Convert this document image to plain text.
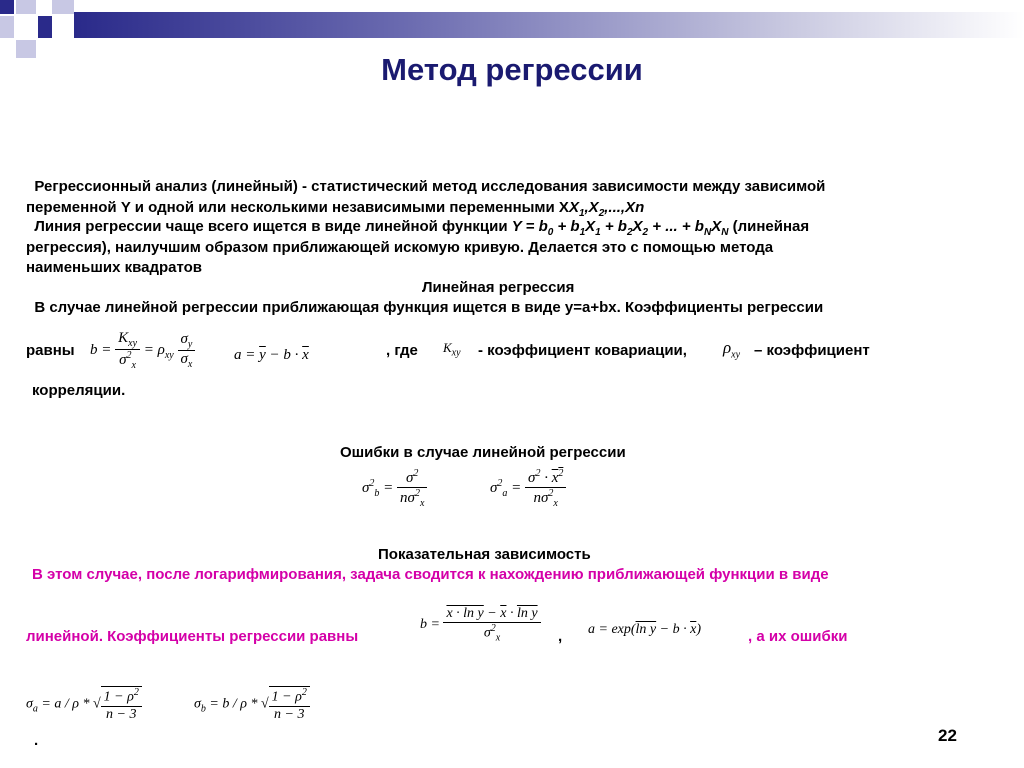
Метод регрессии
Регрессионный анализ (линейный) - статистический метод исследования зависимости между зависимой
переменной Y и одной или несколькими независимыми переменными $XX_1,X_2,...,Xn$
Линия регрессии чаще всего ищется в виде линейной функции $Y = b_0 + b_1X_1 + b_2X_2$ + ... + $b_NX_N$ (линейная
регрессия), наилучшим образом приближающей искомую кривую. Делается это с помощью метода
наименьших квадратов
Линейная регрессия
В случае линейной регрессии приближающая функция ищется в виде y=a+bx. Коэффициенты регрессии
равны $b = \frac{K_{xy}}{\sigma^2_x} = \rho_{xy} \frac{\sigma_y}{\sigma_x}$	$a = \overline{y} - b \cdot \overline{x}$	, где $K_{xy}$ - коэффициент ковариации, $\rho_{xy}$ – коэффициент
корреляции.
Ошибки в случае линейной регрессии
$\sigma^2_b = \frac{\sigma^2}{n\sigma^2_x}$	$\sigma^2_a = \frac{\sigma^2 \cdot x^2}{n\sigma^2_x}$
Показательная зависимость
В этом случае, после логарифмирования, задача сводится к нахождению приближающей функции в виде
линейной. Коэффициенты регрессии равны
$b = \frac{x \cdot \ln y - \overline{x} \cdot \ln y}{\sigma^2_x}$ , a = exp(ln $y - b \cdot \overline{x}$)	, а их ошибки
$\sigma_a = a / \rho$ * √ $\frac{1 - \rho^2}{n - 3}$	$\sigma_b = b / \rho$ * √ $\frac{1 - \rho^2}{n - 3}$
.	22
